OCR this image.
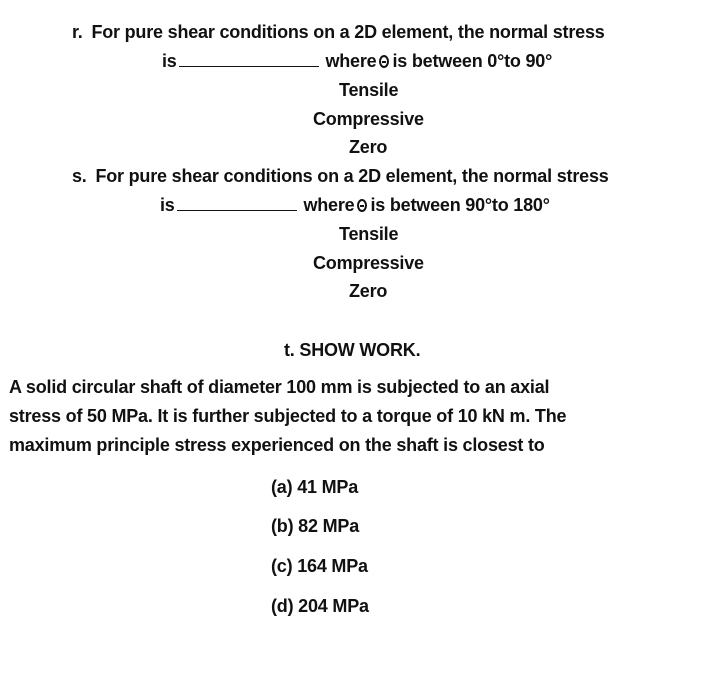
r. For pure shear conditions on a 2D element, the normal stress
is	where is between 0°to 90°
Tensile
Compressive
Zero
s. For pure shear conditions on a 2D element, the normal stress
is	where is between 90°to 180°
Tensile
Compressive
Zero
t. SHOW WORK.
A solid circular shaft of diameter 100 mm is subjected to an axial
stress of 50 MPa. It is further subjected to a torque of 10 kN m. The
maximum principle stress experienced on the shaft is closest to
(a) 41 MPa
(b) 82 MPa
(c) 164 MPa
(d) 204 MPa
